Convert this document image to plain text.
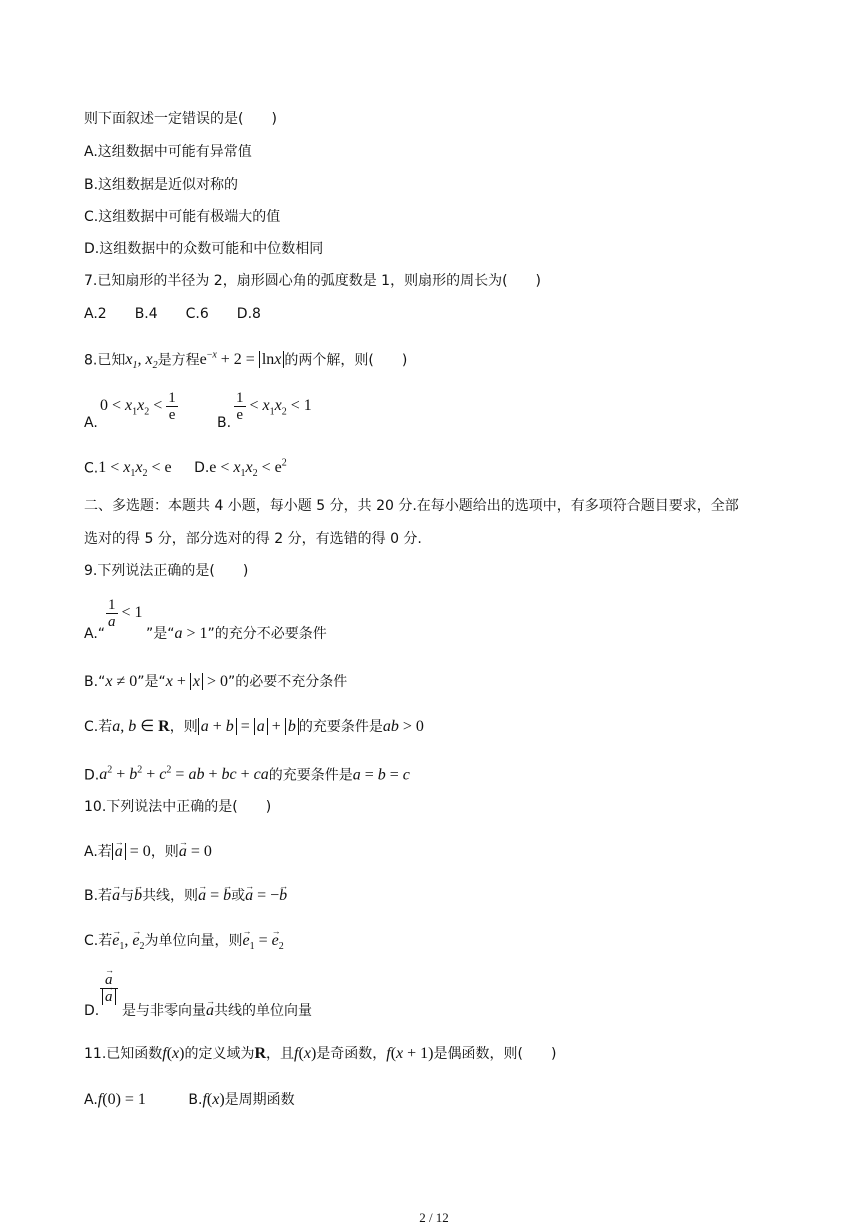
则下面叙述一定错误的是(　　)
A.这组数据中可能有异常值
B.这组数据是近似对称的
C.这组数据中可能有极端大的值
D.这组数据中的众数可能和中位数相同
7.已知扇形的半径为 2，扇形圆心角的弧度数是 1，则扇形的周长为(　　)
A.2　　B.4　　C.6　　D.8
8.已知$x_1$, $x_2$是方程$e^{-x} + 2 = \ln x$ 的两个解，则(　　)
A.
$0 < x_1x_2 < \frac{1}{e}$	B. $\frac{1}{e} < x_1x_2 < 1$
$C.1 < x_1x_2 < e$ $D.e < x_1x_2 < e^2$
二、多选题：本题共 4 小题，每小题 5 分，共 20 分.在每小题给出的选项中，有多项符合题目要求，全部
选对的得 5 分，部分选对的得 2 分，有选错的得 0 分.
9.下列说法正确的是(　　)
A.“
$\frac{1}{a} < 1$
”是“a > 1”的充分不必要条件
B.“x ≠ 0”是“x + x > 0”的必要不充分条件
C.若a, b ∈ R，则 a + b = a + b 的充要条件是ab > 0
$D.a^2 + b^2 + c^2$ = ab + bc + ca的充要条件是a = b = c
10.下列说法中正确的是(　　)
A.若→ a = 0，则→ a = 0
B.若→ a与→ b共线，则→ a = → b或→ a = −→ b
C.若→ $e_1$, → $e_2$为单位向量，则→ $e_1$ = → $e_2$
D.
→ a
→ a
是与非零向量→ a共线的单位向量
11.已知函数f(x)的定义域为R，且f(x)是奇函数，f(x + 1)是偶函数，则(　　)
A.f(0) = 1	B.f(x)是周期函数
2 / 12
